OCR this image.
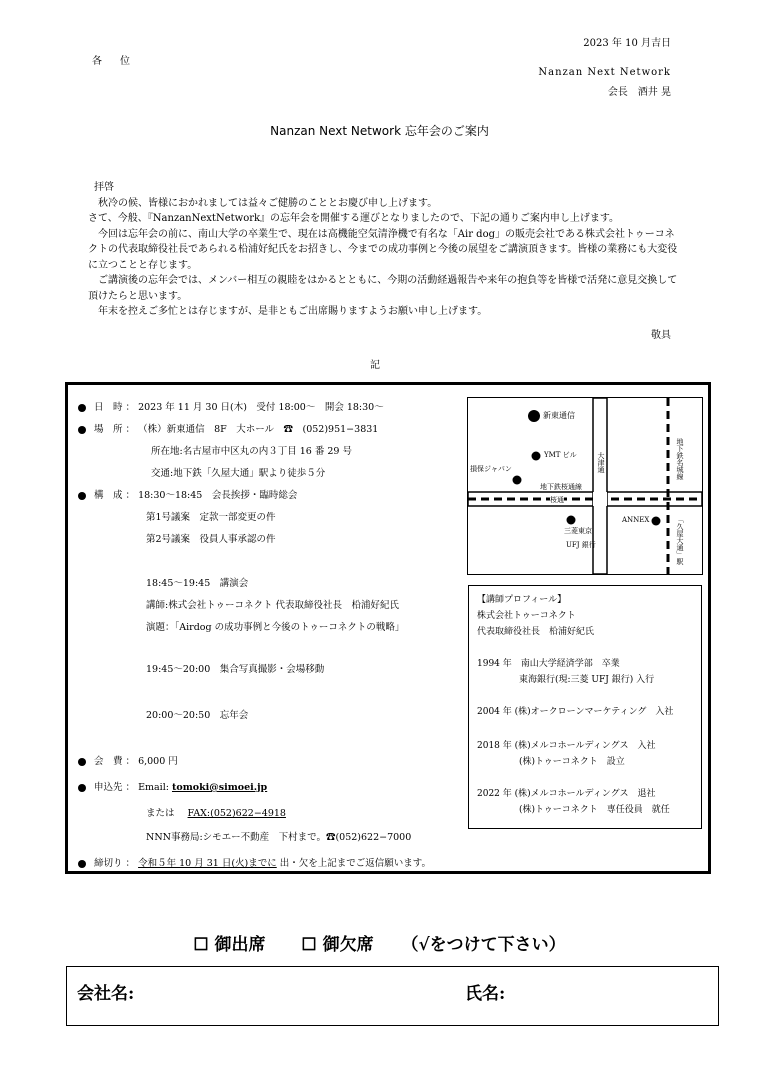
2023 年 10 月吉日
各位
Nanzan Next Network
会長　酒井 晃
Nanzan Next Network 忘年会のご案内

拝啓

　秋冷の候、皆様におかれましては益々ご健勝のこととお慶び申し上げます。

さて、今般、『NanzanNextNetwork』の忘年会を開催する運びとなりましたので、下記の通りご案内申し上げます。

　今回は忘年会の前に、南山大学の卒業生で、現在は高機能空気清浄機で有名な「Air dog」の販売会社である株式会社トゥーコネクトの代表取締役社長であられる柗浦好紀氏をお招きし、今までの成功事例と今後の展望をご講演頂きます。皆様の業務にも大変役に立つことと存じます。

　ご講演後の忘年会では、メンバー相互の親睦をはかるとともに、今期の活動経過報告や来年の抱負等を皆様で活発に意見交換して頂けたらと思います。

　年末を控えご多忙とは存じますが、是非ともご出席賜りますようお願い申し上げます。

敬具
記
日　時 ： 2023 年 11 月 30 日(木)　受付 18:00～　開会 18:30～
場　所 ： （株）新東通信　8F　大ホール　☎　(052)951−3831
所在地:名古屋市中区丸の内３丁目 16 番 29 号
交通:地下鉄「久屋大通」駅より徒歩５分
構　成 ： 18:30～18:45　会長挨拶・臨時総会
第1号議案　定款一部変更の件
第2号議案　役員人事承認の件
18:45～19:45　講演会
講師:株式会社トゥーコネクト 代表取締役社長　柗浦好紀氏
演題：「Airdog の成功事例と今後のトゥーコネクトの戦略」
19:45～20:00　集合写真撮影・会場移動
20:00～20:50　忘年会
会　費 ： 6,000 円
申込先 ： Email: tomoki@simoei.jp
または FAX:(052)622−4918
NNN事務局:シモエー不動産　下村まで。☎(052)622−7000
締切り ： 令和５年 10 月 31 日(火)までに 出・欠を上記までご返信願います。
新東通信
YMT ビル
損保ジャパン
地下鉄桜通線
桜通
大津通	地下鉄名城線
「久屋大通」駅
三菱東京
UFJ 銀行
ANNEX
【講師プロフィール】
株式会社トゥーコネクト
代表取締役社長　柗浦好紀氏
1994 年　南山大学経済学部　卒業
東海銀行(現:三菱 UFJ 銀行) 入行
2004 年 (株)オークローンマーケティング　入社
2018 年 (株)メルコホールディングス　入社
(株)トゥーコネクト　設立
2022 年 (株)メルコホールディングス　退社
(株)トゥーコネクト　専任役員　就任
☐ 御出席 ☐ 御欠席 （√をつけて下さい）
会社名:	氏名:
